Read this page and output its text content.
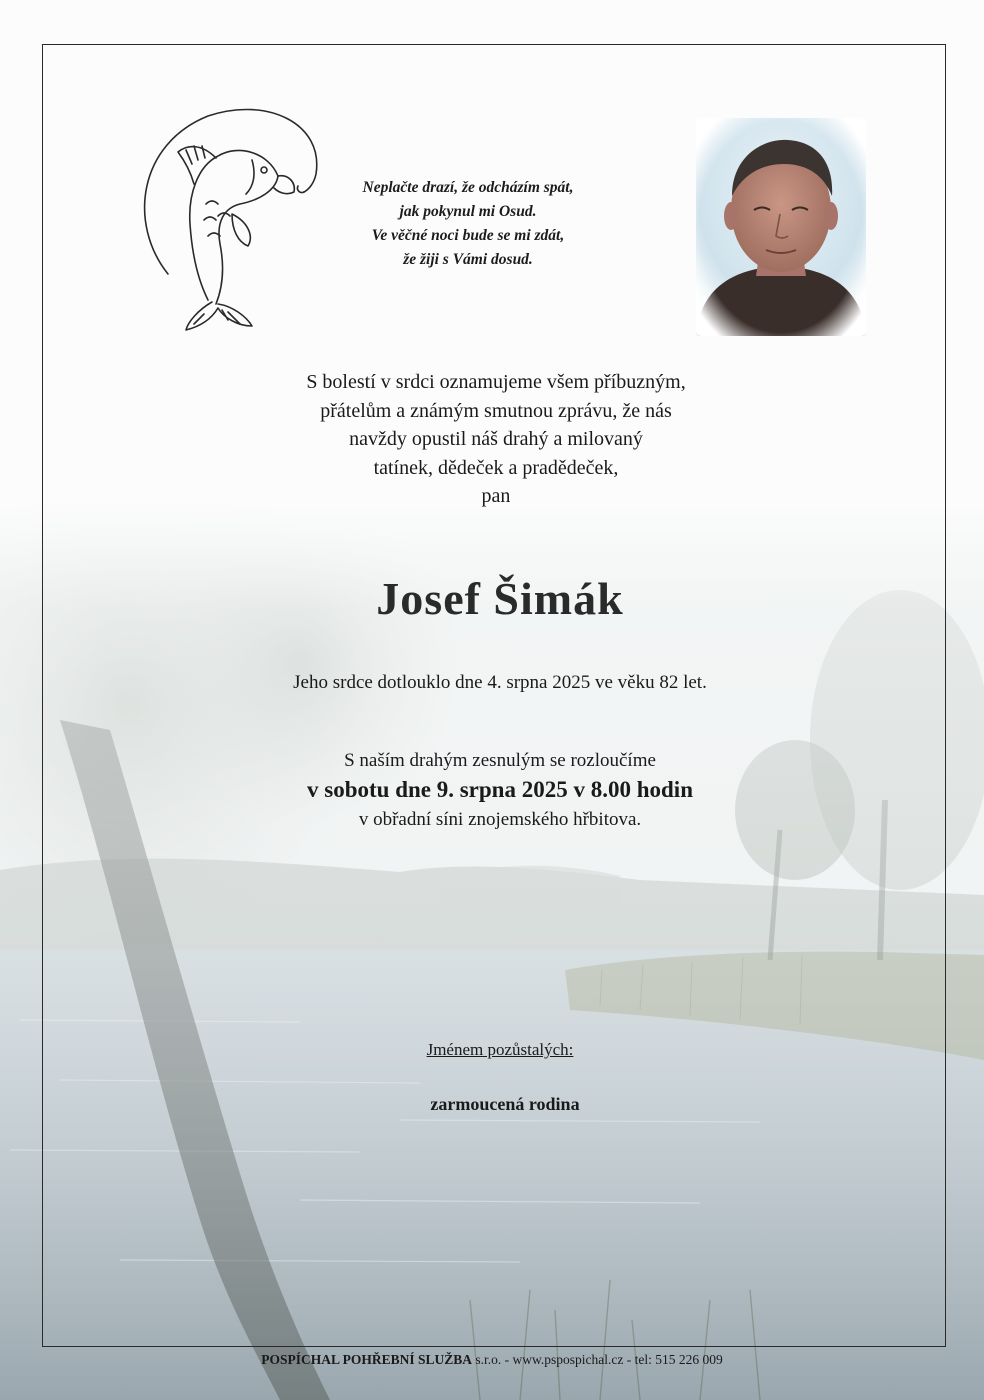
Neplačte drazí, že odcházím spát,
jak pokynul mi Osud.
Ve věčné noci bude se mi zdát,
že žiji s Vámi dosud.
S bolestí v srdci oznamujeme všem příbuzným,
přátelům a známým smutnou zprávu, že nás
navždy opustil náš drahý a milovaný
tatínek, dědeček a pradědeček,
pan
Josef Šimák
Jeho srdce dotlouklo dne 4. srpna 2025 ve věku 82 let.
S naším drahým zesnulým se rozloučíme
v sobotu dne 9. srpna 2025 v 8.00 hodin
v obřadní síni znojemského hřbitova.
Jménem pozůstalých:
zarmoucená rodina
POSPÍCHAL POHŘEBNÍ SLUŽBA s.r.o. - www.pspospichal.cz - tel: 515 226 009
